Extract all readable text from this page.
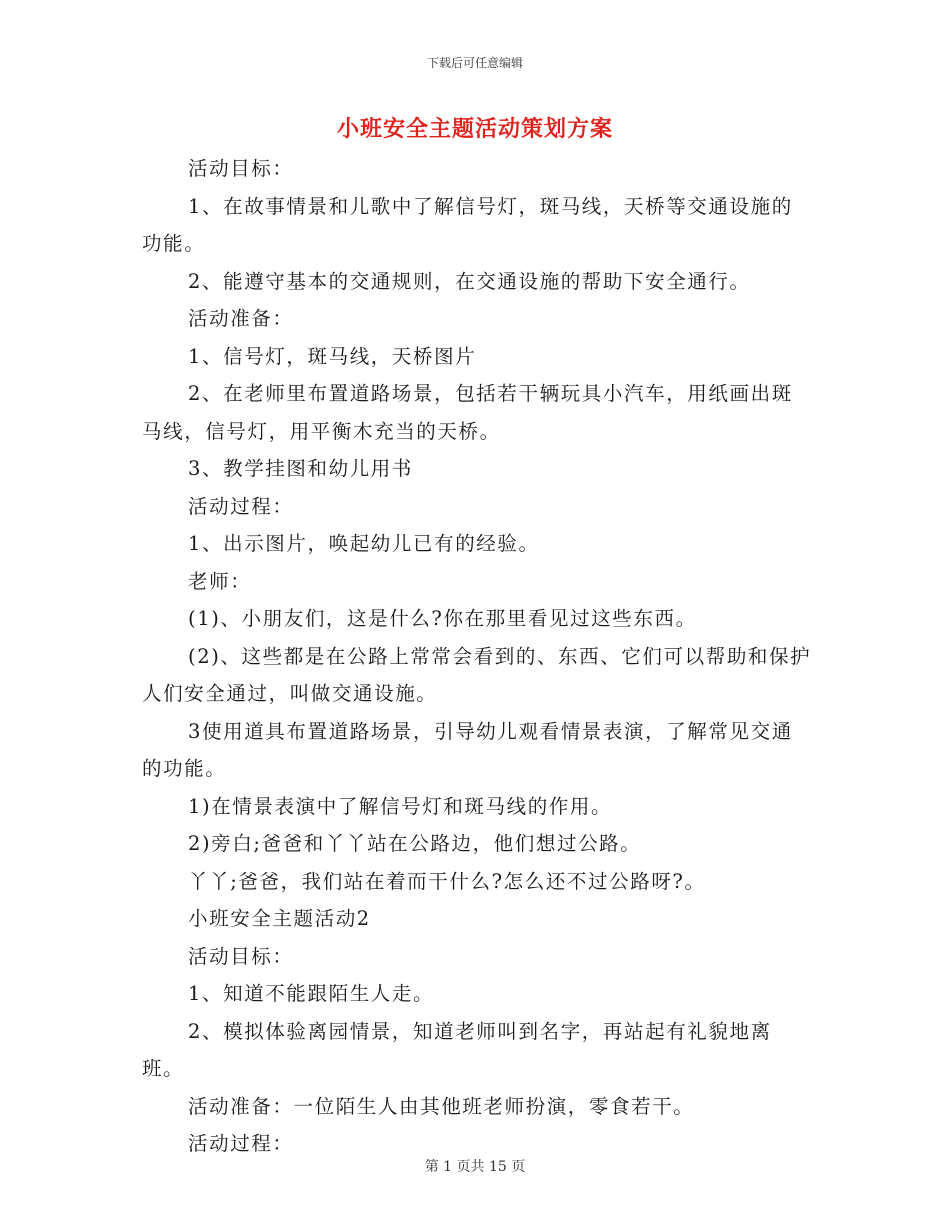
下载后可任意编辑
小班安全主题活动策划方案

活动目标：

1、在故事情景和儿歌中了解信号灯，斑马线，天桥等交通设施的功能。

2、能遵守基本的交通规则，在交通设施的帮助下安全通行。

活动准备：

1、信号灯，斑马线，天桥图片

2、在老师里布置道路场景，包括若干辆玩具小汽车，用纸画出斑马线，信号灯，用平衡木充当的天桥。

3、教学挂图和幼儿用书

活动过程：

1、出示图片，唤起幼儿已有的经验。

老师：

(1)、小朋友们，这是什么?你在那里看见过这些东西。

(2)、这些都是在公路上常常会看到的、东西、它们可以帮助和保护人们安全通过，叫做交通设施。

3使用道具布置道路场景，引导幼儿观看情景表演，了解常见交通的功能。

1)在情景表演中了解信号灯和斑马线的作用。

2)旁白;爸爸和丫丫站在公路边，他们想过公路。

丫丫;爸爸，我们站在着而干什么?怎么还不过公路呀?。

小班安全主题活动2

活动目标：

1、知道不能跟陌生人走。

2、模拟体验离园情景，知道老师叫到名字，再站起有礼貌地离班。

活动准备：一位陌生人由其他班老师扮演，零食若干。

活动过程：

第 1 页共 15 页
